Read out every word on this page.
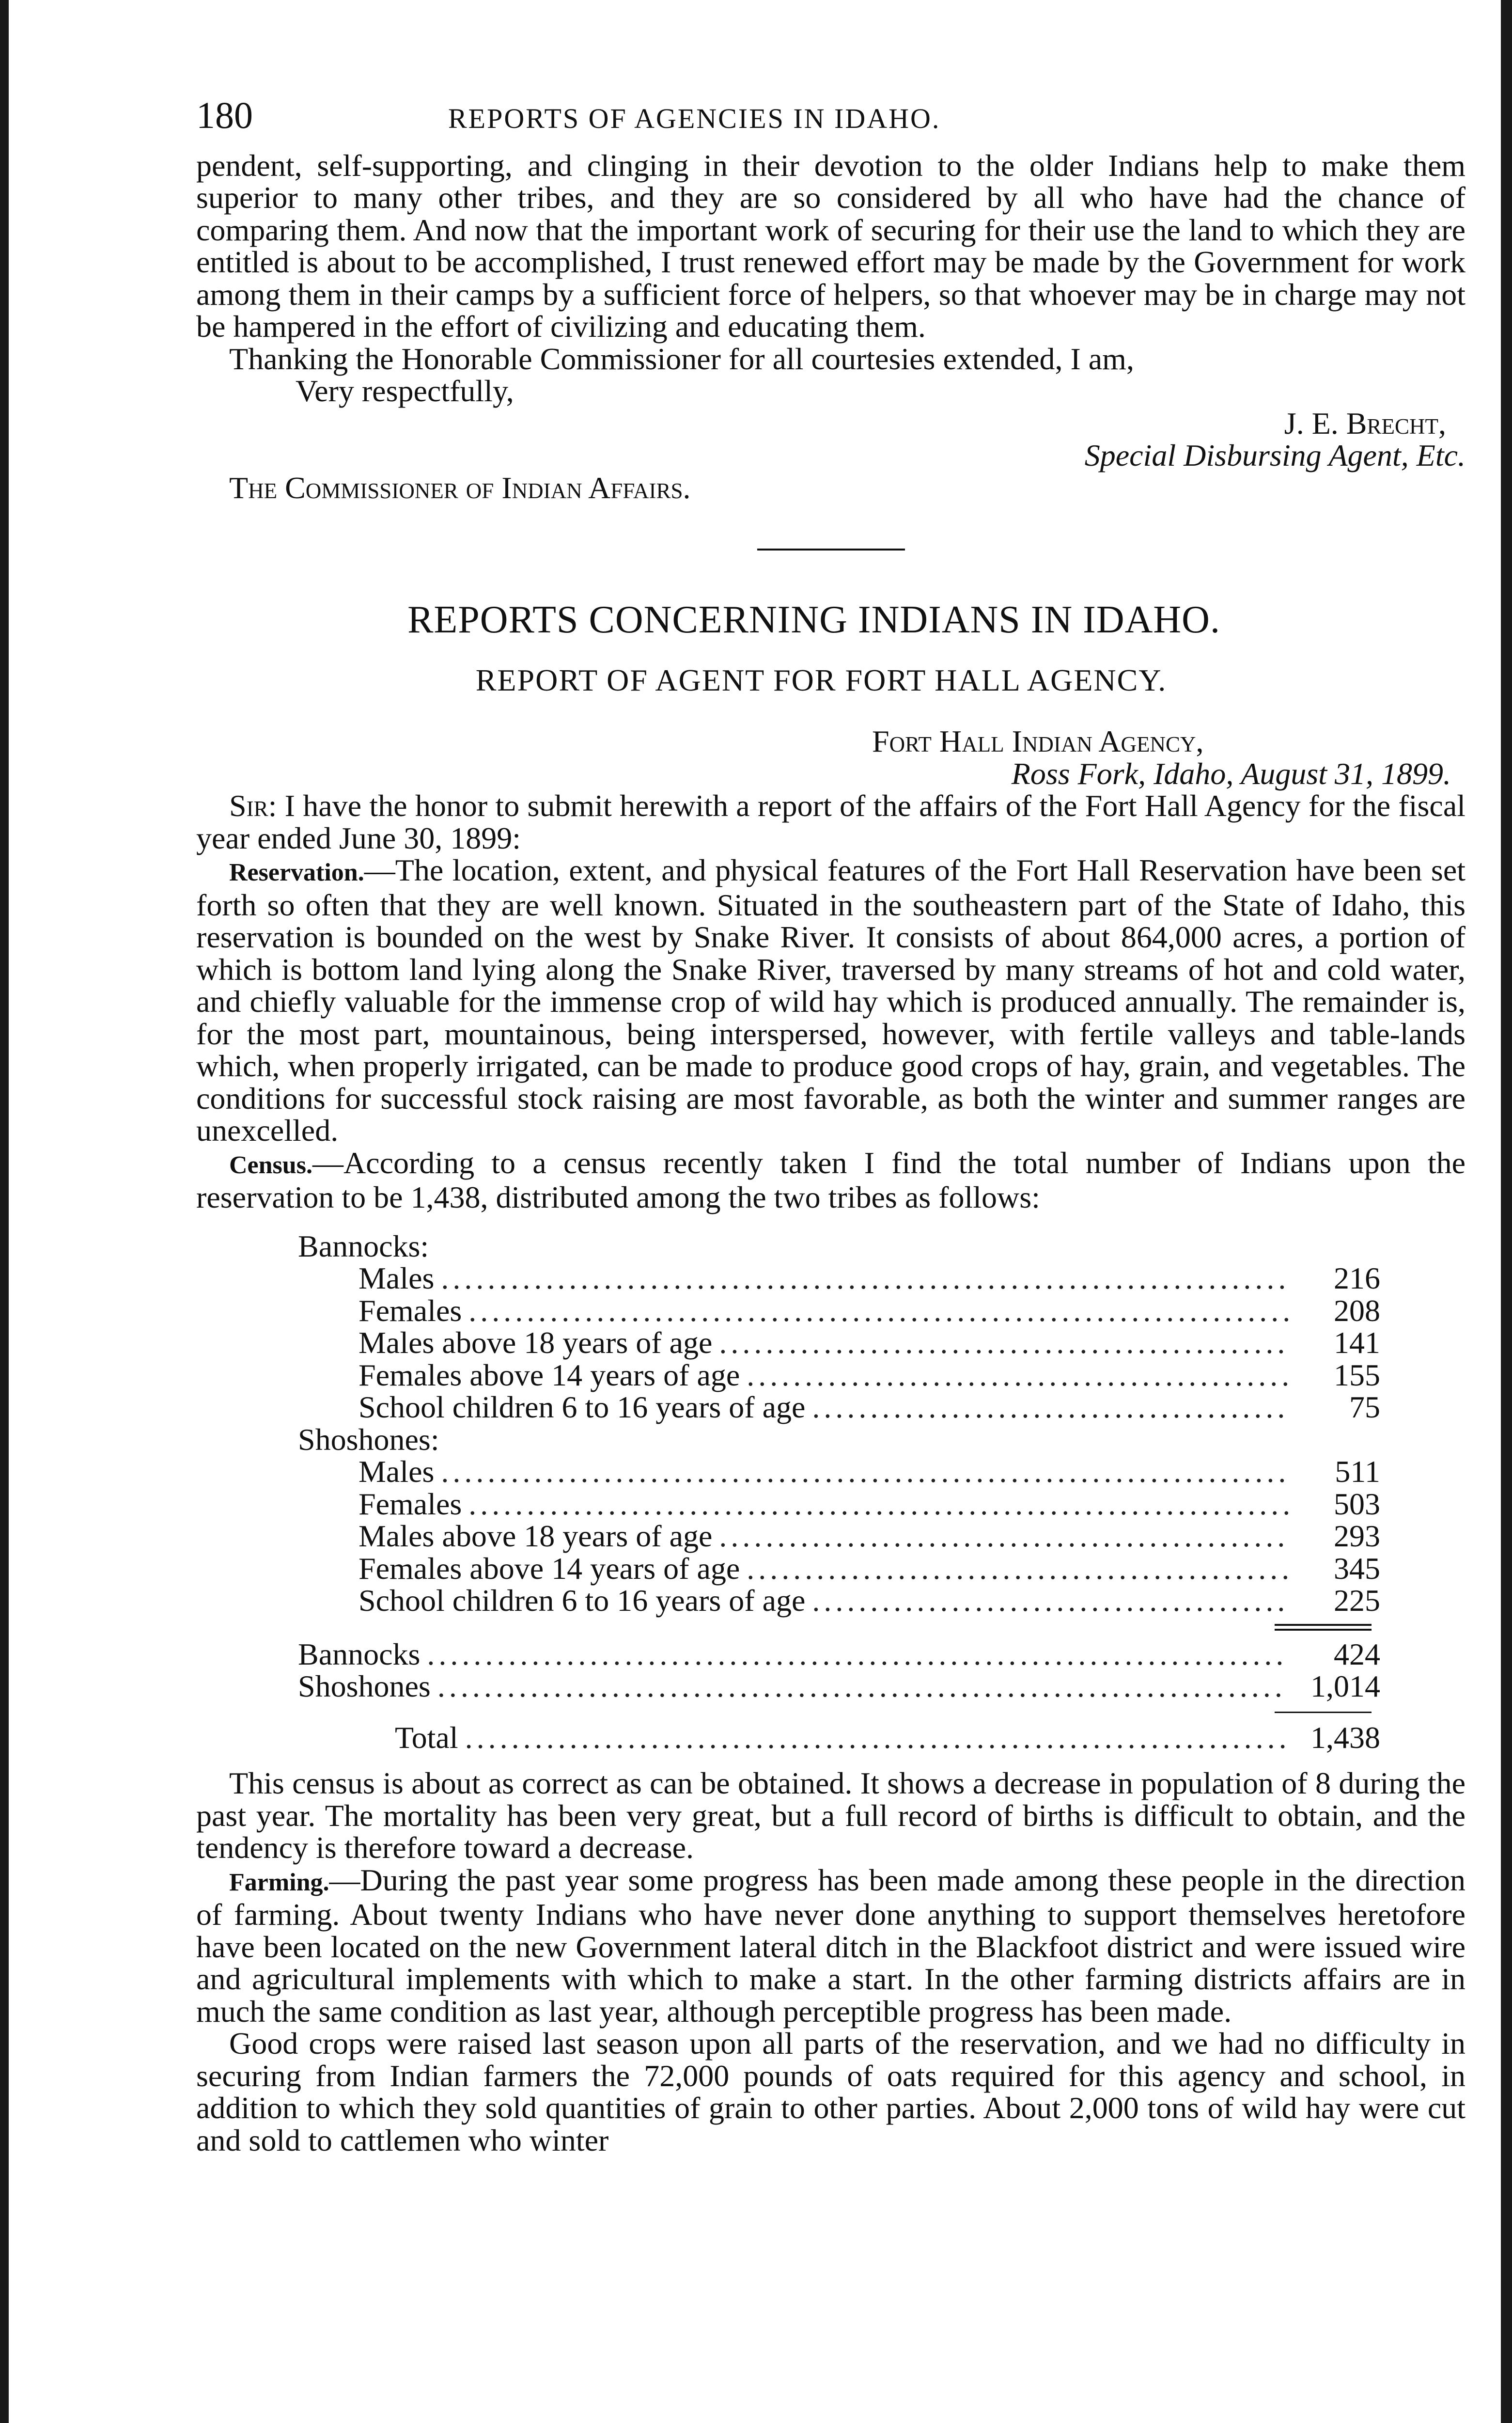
180	REPORTS OF AGENCIES IN IDAHO.

pendent, self-supporting, and clinging in their devotion to the older Indians help to make them superior to many other tribes, and they are so considered by all who have had the chance of comparing them. And now that the important work of securing for their use the land to which they are entitled is about to be accomplished, I trust renewed effort may be made by the Government for work among them in their camps by a sufficient force of helpers, so that whoever may be in charge may not be hampered in the effort of civilizing and educating them.

Thanking the Honorable Commissioner for all courtesies extended, I am,

Very respectfully,

J. E. Brecht,

Special Disbursing Agent, Etc.

The Commissioner of Indian Affairs.

REPORTS CONCERNING INDIANS IN IDAHO.
REPORT OF AGENT FOR FORT HALL AGENCY.

Fort Hall Indian Agency,

Ross Fork, Idaho, August 31, 1899.

Sir: I have the honor to submit herewith a report of the affairs of the Fort Hall Agency for the fiscal year ended June 30, 1899:

Reservation.—The location, extent, and physical features of the Fort Hall Reservation have been set forth so often that they are well known. Situated in the southeastern part of the State of Idaho, this reservation is bounded on the west by Snake River. It consists of about 864,000 acres, a portion of which is bottom land lying along the Snake River, traversed by many streams of hot and cold water, and chiefly valuable for the immense crop of wild hay which is produced annually. The remainder is, for the most part, mountainous, being interspersed, however, with fertile valleys and table-lands which, when properly irrigated, can be made to produce good crops of hay, grain, and vegetables. The conditions for successful stock raising are most favorable, as both the winter and summer ranges are unexcelled.

Census.—According to a census recently taken I find the total number of Indians upon the reservation to be 1,438, distributed among the two tribes as follows:

Bannocks:
Males .....	216
Females .....	208
Males above 18 years of age .....	141
Females above 14 years of age .....	155
School children 6 to 16 years of age .....	75
Shoshones:
Males .....	511
Females .....	503
Males above 18 years of age .....	293
Females above 14 years of age .....	345
School children 6 to 16 years of age .....	225
Bannocks .....	424
Shoshones .....	1,014
Total .....	1,438

This census is about as correct as can be obtained. It shows a decrease in population of 8 during the past year. The mortality has been very great, but a full record of births is difficult to obtain, and the tendency is therefore toward a decrease.

Farming.—During the past year some progress has been made among these people in the direction of farming. About twenty Indians who have never done anything to support themselves heretofore have been located on the new Government lateral ditch in the Blackfoot district and were issued wire and agricultural implements with which to make a start. In the other farming districts affairs are in much the same condition as last year, although perceptible progress has been made.

Good crops were raised last season upon all parts of the reservation, and we had no difficulty in securing from Indian farmers the 72,000 pounds of oats required for this agency and school, in addition to which they sold quantities of grain to other parties. About 2,000 tons of wild hay were cut and sold to cattlemen who winter
